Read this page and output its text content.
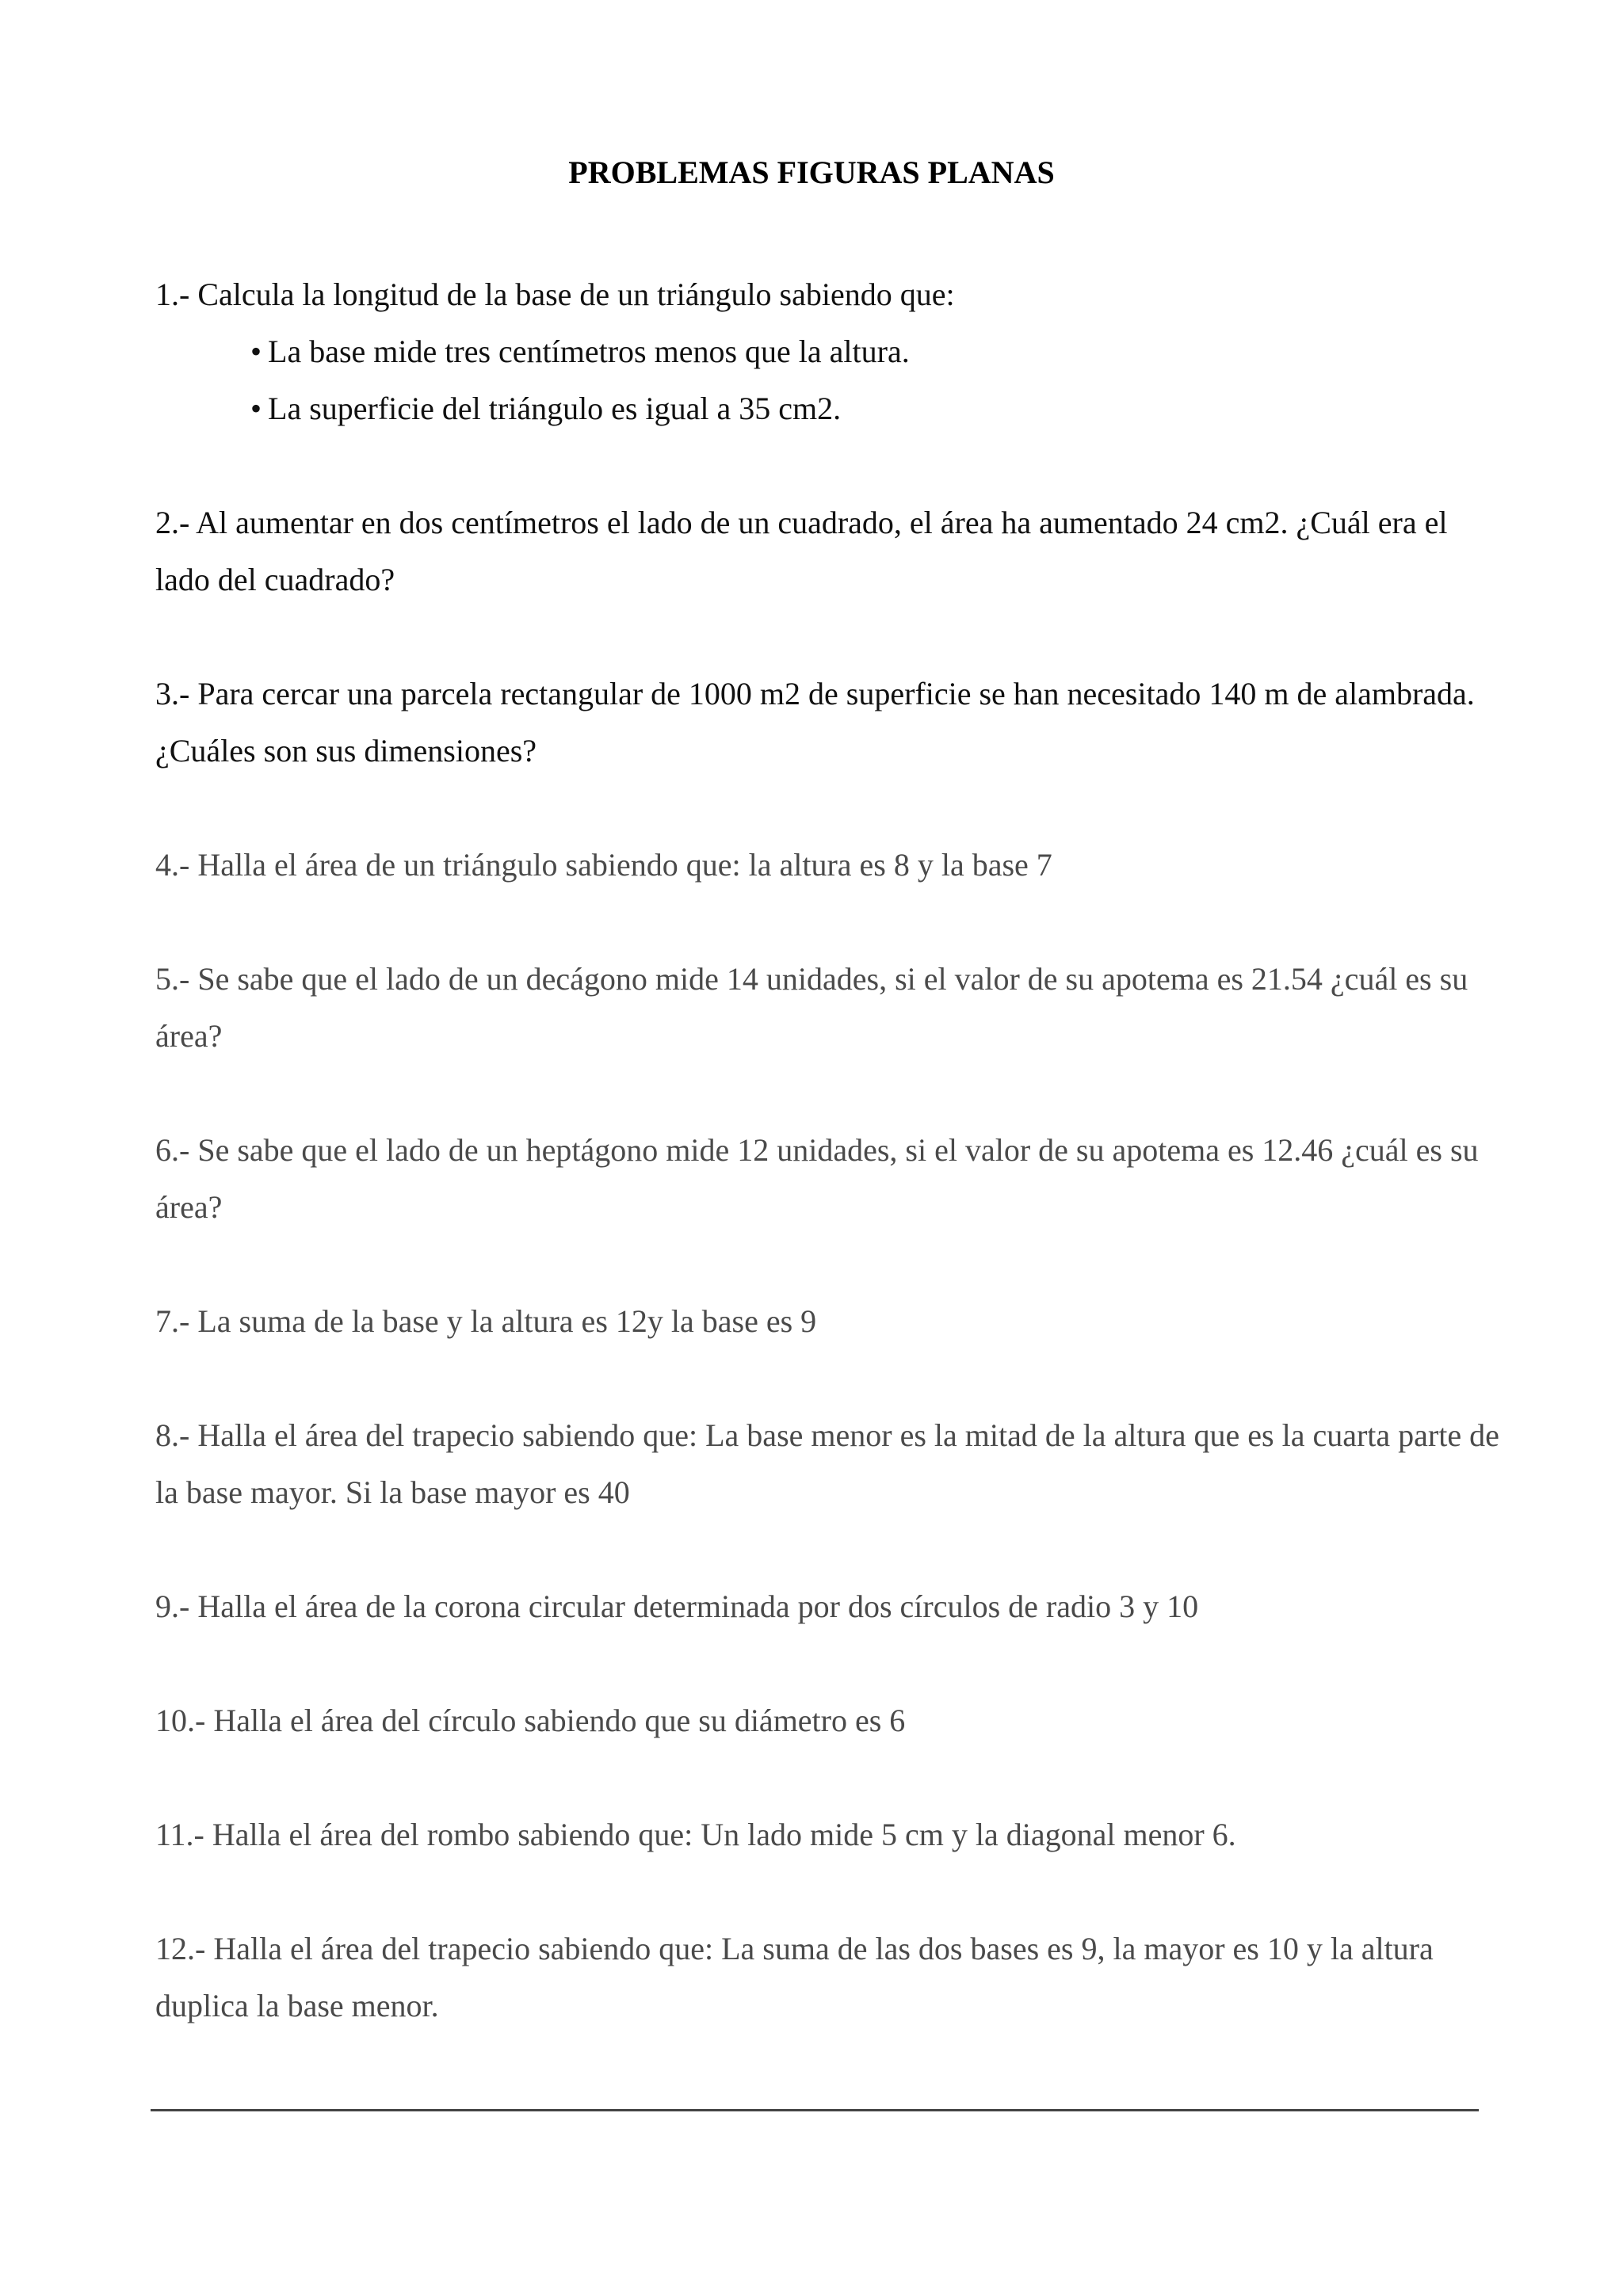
PROBLEMAS FIGURAS PLANAS
1.- Calcula la longitud de la base de un triángulo sabiendo que:
• La base mide tres centímetros menos que la altura.
• La superficie del triángulo es igual a 35 cm2.
2.- Al aumentar en dos centímetros el lado de un cuadrado, el área ha aumentado 24 cm2. ¿Cuál era el lado del cuadrado?
3.- Para cercar una parcela rectangular de 1000 m2 de superficie se han necesitado 140 m de alambrada. ¿Cuáles son sus dimensiones?
4.- Halla el área de un triángulo sabiendo que: la altura es 8 y la base 7
5.- Se sabe que el lado de un decágono mide 14 unidades, si el valor de su apotema es 21.54 ¿cuál es su área?
6.- Se sabe que el lado de un heptágono mide 12 unidades, si el valor de su apotema es 12.46 ¿cuál es su área?
7.- La suma de la base y la altura es 12y la base es 9
8.- Halla el área del trapecio sabiendo que: La base menor es la mitad de la altura que es la cuarta parte de la base mayor. Si la base mayor es 40
9.- Halla el área de la corona circular determinada por dos círculos de radio 3 y 10
10.- Halla el área del círculo sabiendo que su diámetro es 6
11.- Halla el área del rombo sabiendo que: Un lado mide 5 cm y la diagonal menor 6.
12.- Halla el área del trapecio sabiendo que: La suma de las dos bases es 9, la mayor es 10 y la altura duplica la base menor.
